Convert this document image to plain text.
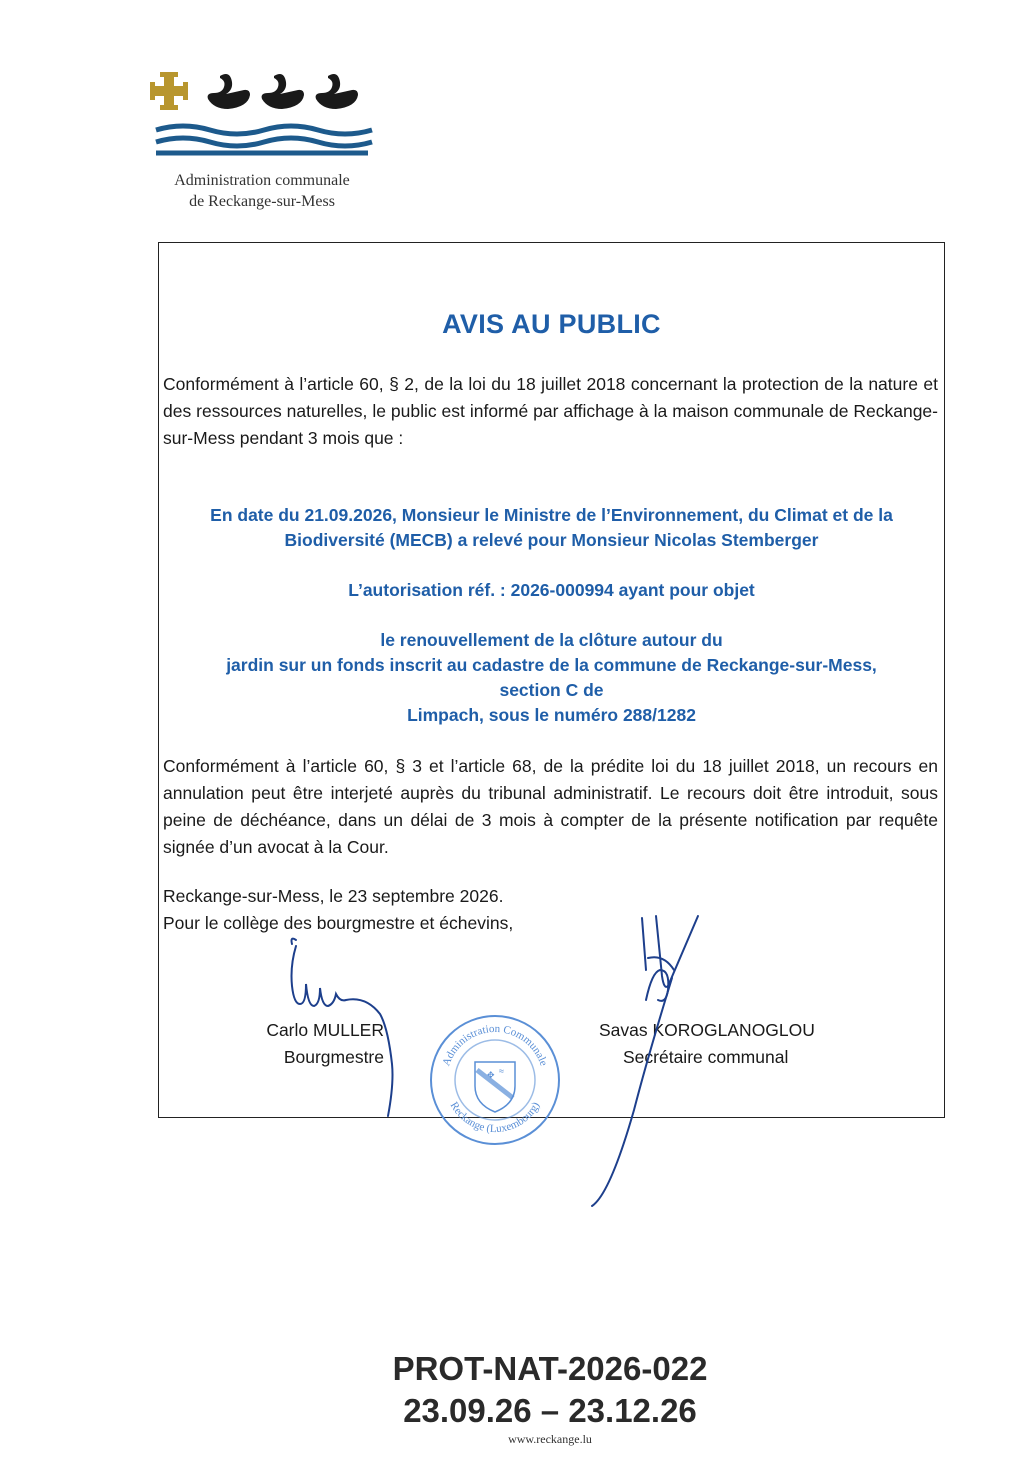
Administration communale
de Reckange-sur-Mess
AVIS AU PUBLIC
Conformément à l’article 60, § 2, de la loi du 18 juillet 2018 concernant la protection de la nature et des ressources naturelles, le public est informé par affichage à la maison communale de Reckange-sur-Mess pendant 3 mois que :
En date du 21.09.2026, Monsieur le Ministre de l’Environnement, du Climat et de la
Biodiversité (MECB) a relevé pour Monsieur Nicolas Stemberger
L’autorisation réf. : 2026-000994 ayant pour objet
le renouvellement de la clôture autour du
jardin sur un fonds inscrit au cadastre de la commune de Reckange-sur-Mess,
section C de
Limpach, sous le numéro 288/1282
Conformément à l’article 60, § 3 et l’article 68, de la prédite loi du 18 juillet 2018, un recours en annulation peut être interjeté auprès du tribunal administratif. Le recours doit être introduit, sous peine de déchéance, dans un délai de 3 mois à compter de la présente notification par requête signée d’un avocat à la Cour.
Reckange-sur-Mess, le 23 septembre 2026.
Pour le collège des bourgmestre et échevins,
Carlo MULLER
Bourgmestre
Savas KOROGLANOGLOU
Secrétaire communal
Administration Communale
Reckange (Luxembourg)
✥ ≈
PROT-NAT-2026-022
23.09.26 – 23.12.26
www.reckange.lu
